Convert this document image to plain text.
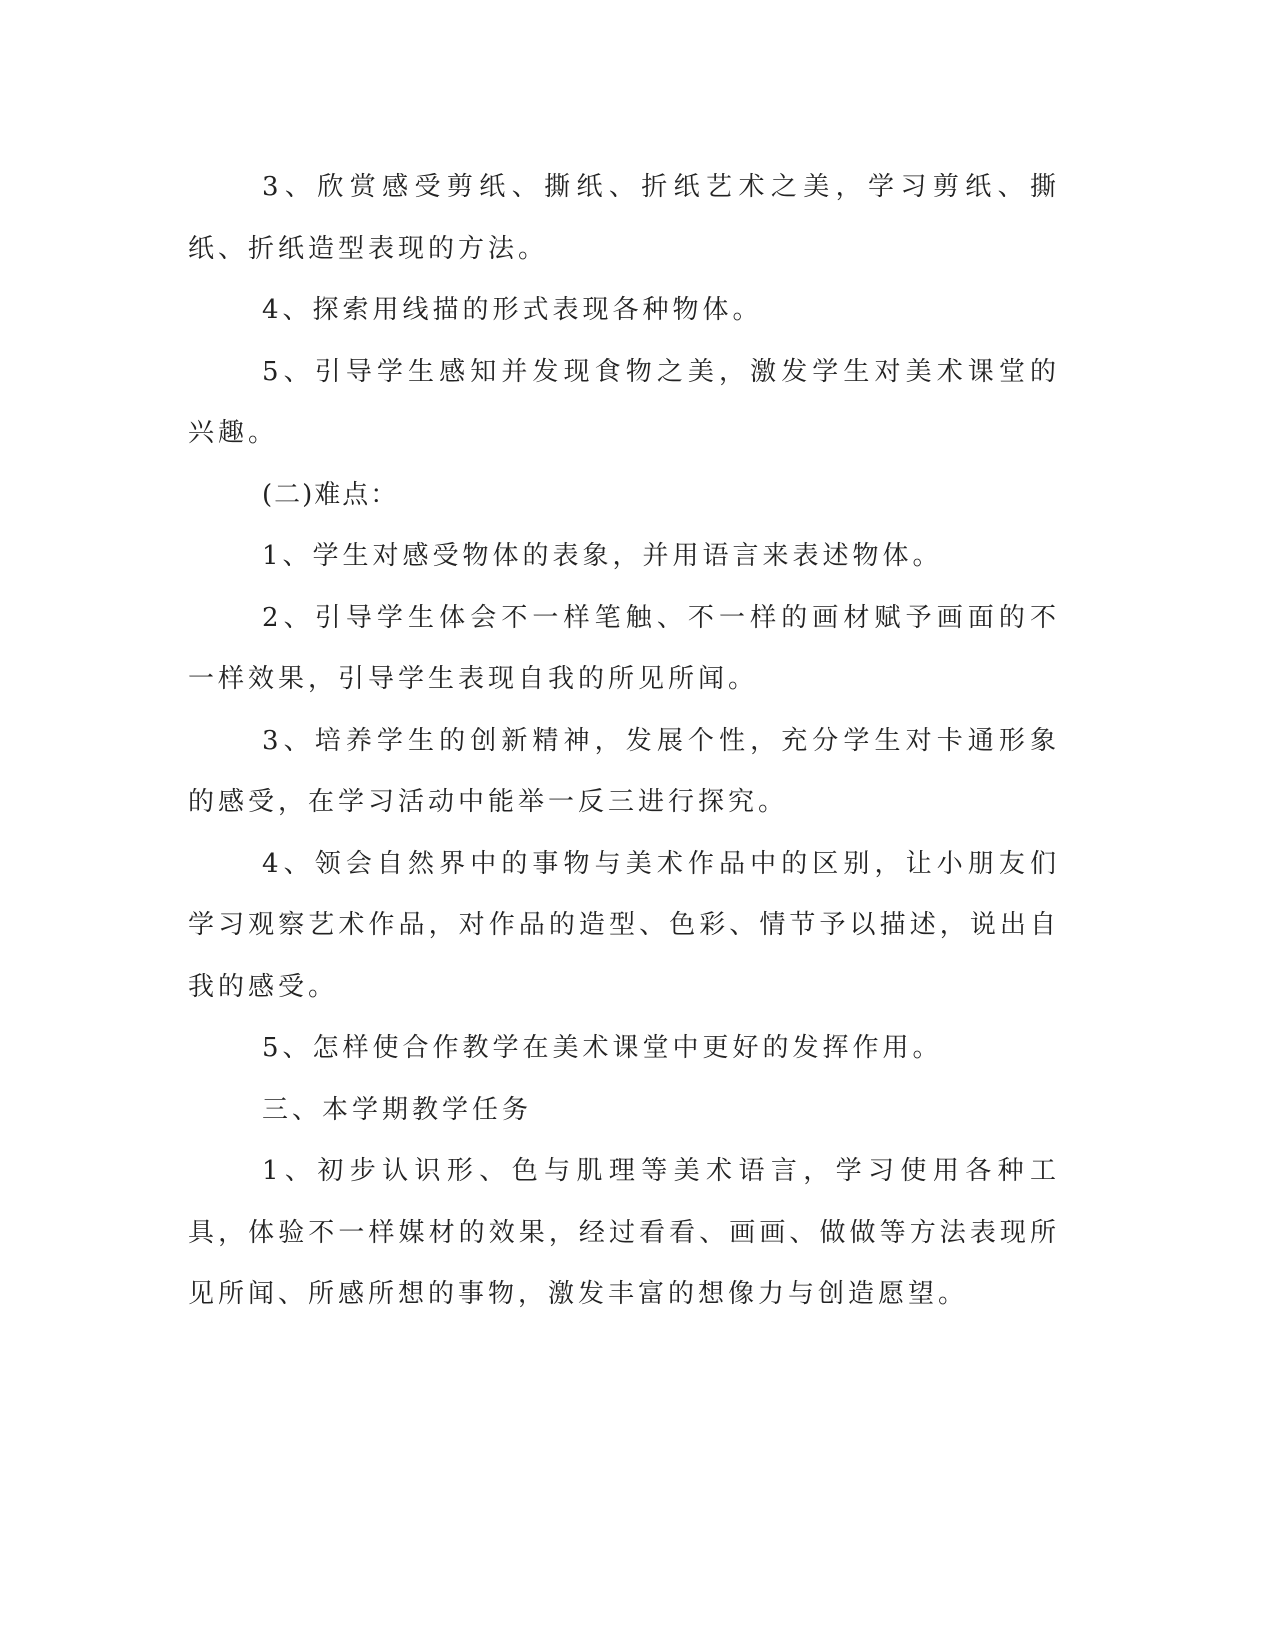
3、欣赏感受剪纸、撕纸、折纸艺术之美，学习剪纸、撕纸、折纸造型表现的方法。

4、探索用线描的形式表现各种物体。

5、引导学生感知并发现食物之美，激发学生对美术课堂的兴趣。

(二)难点：

1、学生对感受物体的表象，并用语言来表述物体。

2、引导学生体会不一样笔触、不一样的画材赋予画面的不一样效果，引导学生表现自我的所见所闻。

3、培养学生的创新精神，发展个性，充分学生对卡通形象的感受，在学习活动中能举一反三进行探究。

4、领会自然界中的事物与美术作品中的区别，让小朋友们学习观察艺术作品，对作品的造型、色彩、情节予以描述，说出自我的感受。

5、怎样使合作教学在美术课堂中更好的发挥作用。

三、本学期教学任务

1、初步认识形、色与肌理等美术语言，学习使用各种工具，体验不一样媒材的效果，经过看看、画画、做做等方法表现所见所闻、所感所想的事物，激发丰富的想像力与创造愿望。
